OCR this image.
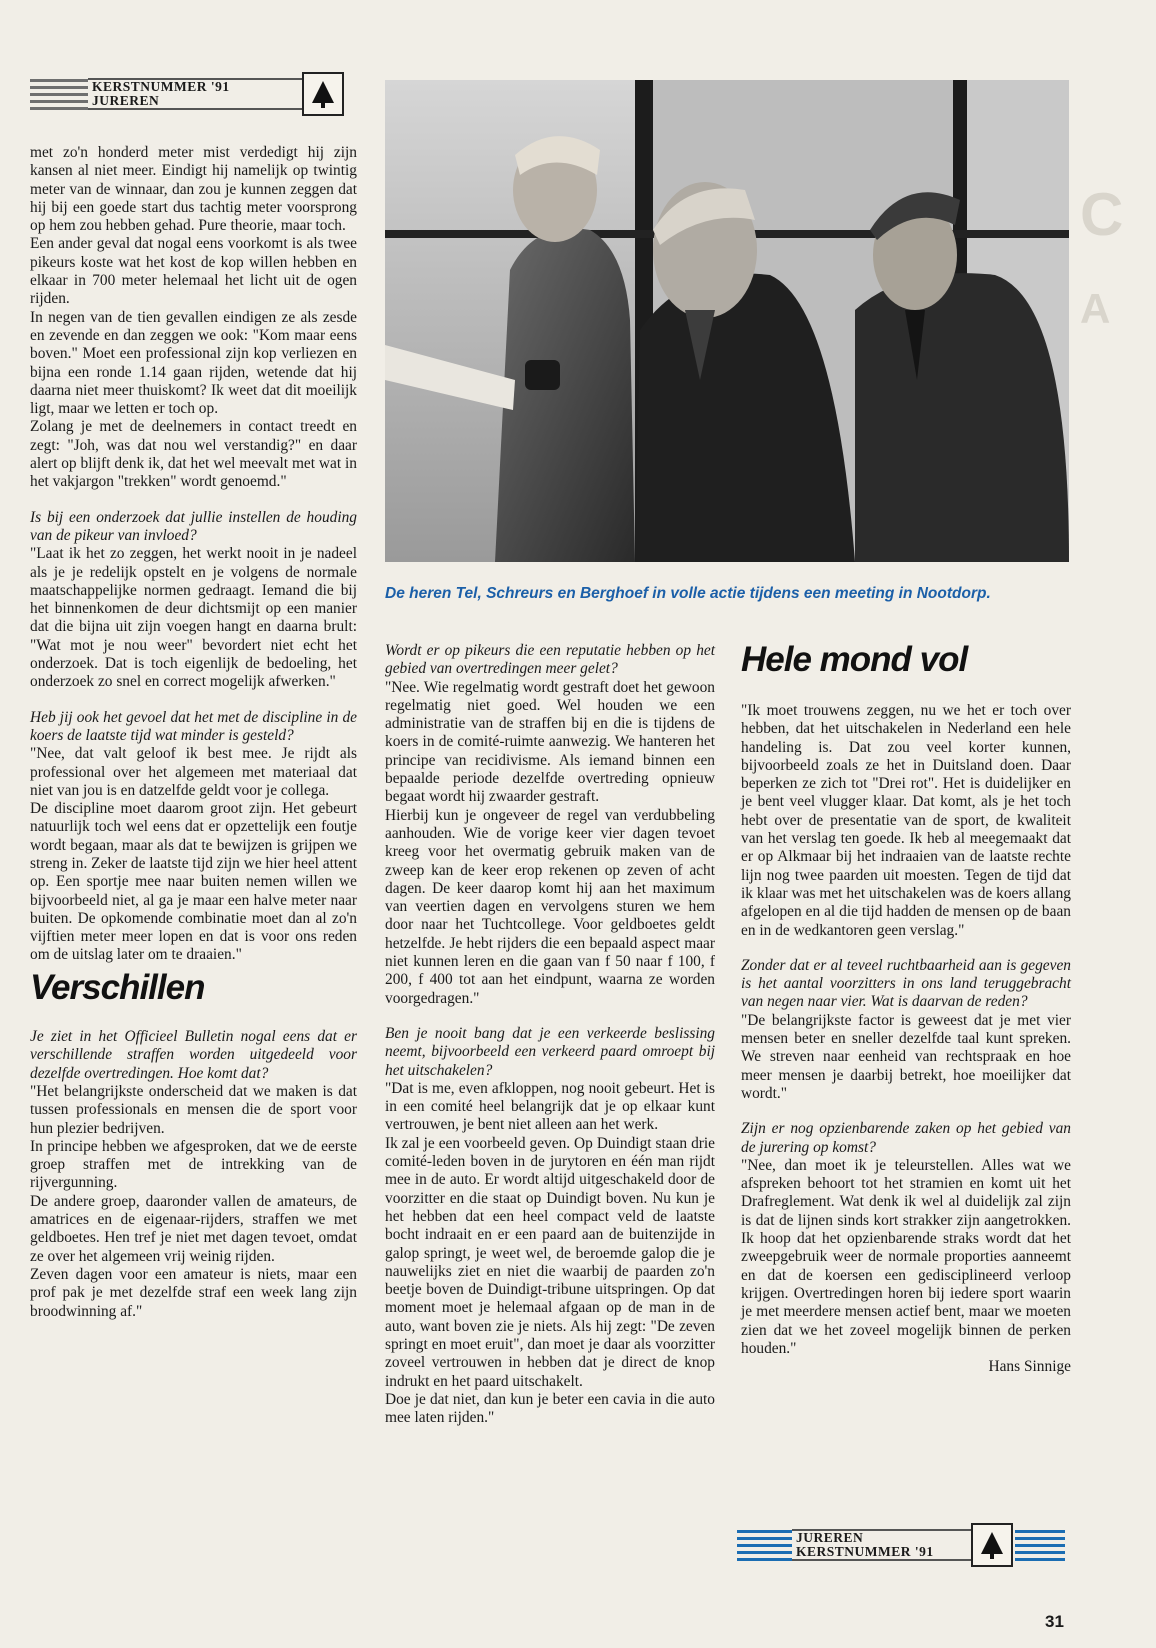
C
A
KERSTNUMMER '91
JUREREN
De heren Tel, Schreurs en Berghoef in volle actie tijdens een meeting in Nootdorp.

met zo'n honderd meter mist verdedigt hij zijn kansen al niet meer. Eindigt hij namelijk op twintig meter van de winnaar, dan zou je kunnen zeggen dat hij bij een goede start dus tachtig meter voorsprong op hem zou hebben gehad. Pure theorie, maar toch.

Een ander geval dat nogal eens voorkomt is als twee pikeurs koste wat het kost de kop willen hebben en elkaar in 700 meter helemaal het licht uit de ogen rijden.

In negen van de tien gevallen eindigen ze als zesde en zevende en dan zeggen we ook: "Kom maar eens boven." Moet een professional zijn kop verliezen en bijna een ronde 1.14 gaan rijden, wetende dat hij daarna niet meer thuiskomt? Ik weet dat dit moeilijk ligt, maar we letten er toch op.

Zolang je met de deelnemers in contact treedt en zegt: "Joh, was dat nou wel verstandig?" en daar alert op blijft denk ik, dat het wel meevalt met wat in het vakjargon "trekken" wordt genoemd."

Is bij een onderzoek dat jullie instellen de houding van de pikeur van invloed?

"Laat ik het zo zeggen, het werkt nooit in je nadeel als je je redelijk opstelt en je volgens de normale maatschappelijke normen gedraagt. Iemand die bij het binnenkomen de deur dichtsmijt op een manier dat die bijna uit zijn voegen hangt en daarna brult: "Wat mot je nou weer" bevordert niet echt het onderzoek. Dat is toch eigenlijk de bedoeling, het onderzoek zo snel en correct mogelijk afwerken."

Heb jij ook het gevoel dat het met de discipline in de koers de laatste tijd wat minder is gesteld?

"Nee, dat valt geloof ik best mee. Je rijdt als professional over het algemeen met materiaal dat niet van jou is en datzelfde geldt voor je collega.

De discipline moet daarom groot zijn. Het gebeurt natuurlijk toch wel eens dat er opzettelijk een foutje wordt begaan, maar als dat te bewijzen is grijpen we streng in. Zeker de laatste tijd zijn we hier heel attent op. Een sportje mee naar buiten nemen willen we bijvoorbeeld niet, al ga je maar een halve meter naar buiten. De opkomende combinatie moet dan al zo'n vijftien meter meer lopen en dat is voor ons reden om de uitslag later om te draaien."

Verschillen

Je ziet in het Officieel Bulletin nogal eens dat er verschillende straffen worden uitgedeeld voor dezelfde overtredingen. Hoe komt dat?

"Het belangrijkste onderscheid dat we maken is dat tussen professionals en mensen die de sport voor hun plezier bedrijven.

In principe hebben we afgesproken, dat we de eerste groep straffen met de intrekking van de rijvergunning.

De andere groep, daaronder vallen de amateurs, de amatrices en de eigenaar-rijders, straffen we met geldboetes. Hen tref je niet met dagen tevoet, omdat ze over het algemeen vrij weinig rijden.

Zeven dagen voor een amateur is niets, maar een prof pak je met dezelfde straf een week lang zijn broodwinning af."

Wordt er op pikeurs die een reputatie hebben op het gebied van overtredingen meer gelet?

"Nee. Wie regelmatig wordt gestraft doet het gewoon regelmatig niet goed. Wel houden we een administratie van de straffen bij en die is tijdens de koers in de comité-ruimte aanwezig. We hanteren het principe van recidivisme. Als iemand binnen een bepaalde periode dezelfde overtreding opnieuw begaat wordt hij zwaarder gestraft.

Hierbij kun je ongeveer de regel van verdubbeling aanhouden. Wie de vorige keer vier dagen tevoet kreeg voor het overmatig gebruik maken van de zweep kan de keer erop rekenen op zeven of acht dagen. De keer daarop komt hij aan het maximum van veertien dagen en vervolgens sturen we hem door naar het Tuchtcollege. Voor geldboetes geldt hetzelfde. Je hebt rijders die een bepaald aspect maar niet kunnen leren en die gaan van f 50 naar f 100, f 200, f 400 tot aan het eindpunt, waarna ze worden voorgedragen."

Ben je nooit bang dat je een verkeerde beslissing neemt, bijvoorbeeld een verkeerd paard omroept bij het uitschakelen?

"Dat is me, even afkloppen, nog nooit gebeurt. Het is in een comité heel belangrijk dat je op elkaar kunt vertrouwen, je bent niet alleen aan het werk.

Ik zal je een voorbeeld geven. Op Duindigt staan drie comité-leden boven in de jurytoren en één man rijdt mee in de auto. Er wordt altijd uitgeschakeld door de voorzitter en die staat op Duindigt boven. Nu kun je het hebben dat een heel compact veld de laatste bocht indraait en er een paard aan de buitenzijde in galop springt, je weet wel, de beroemde galop die je nauwelijks ziet en niet die waarbij de paarden zo'n beetje boven de Duindigt-tribune uitspringen. Op dat moment moet je helemaal afgaan op de man in de auto, want boven zie je niets. Als hij zegt: "De zeven springt en moet eruit", dan moet je daar als voorzitter zoveel vertrouwen in hebben dat je direct de knop indrukt en het paard uitschakelt.

Doe je dat niet, dan kun je beter een cavia in die auto mee laten rijden."

Hele mond vol

"Ik moet trouwens zeggen, nu we het er toch over hebben, dat het uitschakelen in Nederland een hele handeling is. Dat zou veel korter kunnen, bijvoorbeeld zoals ze het in Duitsland doen. Daar beperken ze zich tot "Drei rot". Het is duidelijker en je bent veel vlugger klaar. Dat komt, als je het toch hebt over de presentatie van de sport, de kwaliteit van het verslag ten goede. Ik heb al meegemaakt dat er op Alkmaar bij het indraaien van de laatste rechte lijn nog twee paarden uit moesten. Tegen de tijd dat ik klaar was met het uitschakelen was de koers allang afgelopen en al die tijd hadden de mensen op de baan en in de wedkantoren geen verslag."

Zonder dat er al teveel ruchtbaarheid aan is gegeven is het aantal voorzitters in ons land teruggebracht van negen naar vier. Wat is daarvan de reden?

"De belangrijkste factor is geweest dat je met vier mensen beter en sneller dezelfde taal kunt spreken. We streven naar eenheid van rechtspraak en hoe meer mensen je daarbij betrekt, hoe moeilijker dat wordt."

Zijn er nog opzienbarende zaken op het gebied van de jurering op komst?

"Nee, dan moet ik je teleurstellen. Alles wat we afspreken behoort tot het stramien en komt uit het Drafreglement. Wat denk ik wel al duidelijk zal zijn is dat de lijnen sinds kort strakker zijn aangetrokken. Ik hoop dat het opzienbarende straks wordt dat het zweepgebruik weer de normale proporties aanneemt en dat de koersen een gedisciplineerd verloop krijgen. Overtredingen horen bij iedere sport waarin je met meerdere mensen actief bent, maar we moeten zien dat we het zoveel mogelijk binnen de perken houden."

Hans Sinnige

JUREREN
KERSTNUMMER '91
31
